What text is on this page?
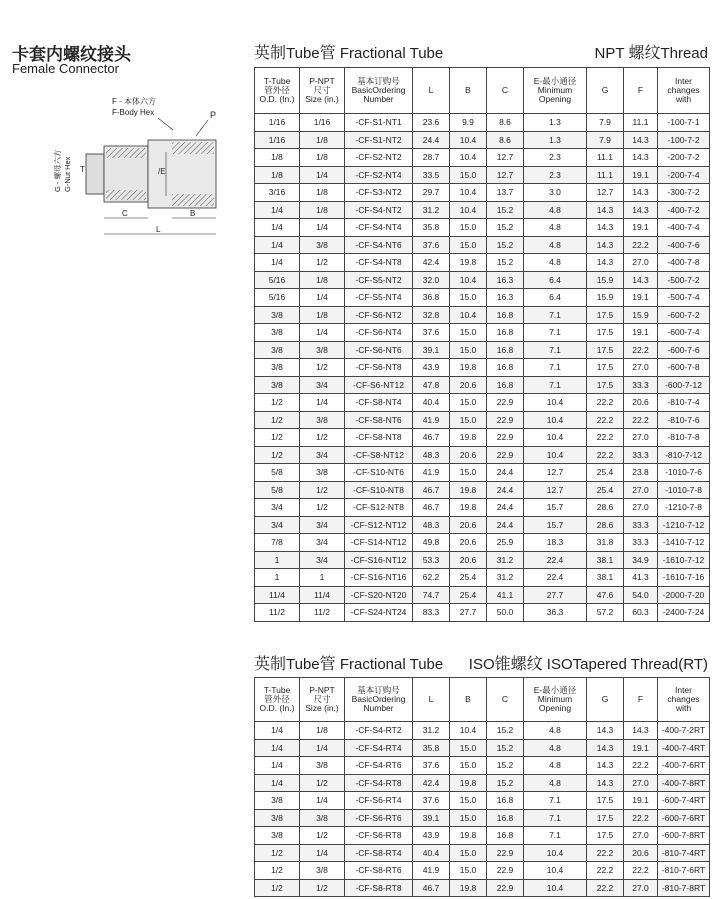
卡套内螺纹接头
Female Connector
F - 本体六方
F-Body Hex	P
G - 螺母六方 G-Nut Hex T	/E
C	B
L
英制Tube管 Fractional Tube	NPT 螺纹Thread
T-Tube
管外径
O.D. (In.)	P-NPT
尺寸
Size (in.)	基本订购号
BasicOrdering
Number	L	B	C	E-最小通径
Minimum
Opening	G	F	Inter
changes
with

1/16	1/16	-CF-S1-NT1	23.6	9.9	8.6	1.3	7.9	11.1	-100-7-1
1/16	1/8	-CF-S1-NT2	24.4	10.4	8.6	1.3	7.9	14.3	-100-7-2
1/8	1/8	-CF-S2-NT2	28.7	10.4	12.7	2.3	11.1	14.3	-200-7-2
1/8	1/4	-CF-S2-NT4	33.5	15.0	12.7	2.3	11.1	19.1	-200-7-4
3/16	1/8	-CF-S3-NT2	29.7	10.4	13.7	3.0	12.7	14.3	-300-7-2
1/4	1/8	-CF-S4-NT2	31.2	10.4	15.2	4.8	14.3	14.3	-400-7-2
1/4	1/4	-CF-S4-NT4	35.8	15.0	15.2	4.8	14.3	19.1	-400-7-4
1/4	3/8	-CF-S4-NT6	37.6	15.0	15.2	4.8	14.3	22.2	-400-7-6
1/4	1/2	-CF-S4-NT8	42.4	19.8	15.2	4.8	14.3	27.0	-400-7-8
5/16	1/8	-CF-S5-NT2	32.0	10.4	16.3	6.4	15.9	14.3	-500-7-2
5/16	1/4	-CF-S5-NT4	36.8	15.0	16.3	6.4	15.9	19.1	-500-7-4
3/8	1/8	-CF-S6-NT2	32.8	10.4	16.8	7.1	17.5	15.9	-600-7-2
3/8	1/4	-CF-S6-NT4	37.6	15.0	16.8	7.1	17.5	19.1	-600-7-4
3/8	3/8	-CF-S6-NT6	39.1	15.0	16.8	7.1	17.5	22.2	-600-7-6
3/8	1/2	-CF-S6-NT8	43.9	19.8	16.8	7.1	17.5	27.0	-600-7-8
3/8	3/4	-CF-S6-NT12	47.8	20.6	16.8	7.1	17.5	33.3	-600-7-12
1/2	1/4	-CF-S8-NT4	40.4	15.0	22.9	10.4	22.2	20.6	-810-7-4
1/2	3/8	-CF-S8-NT6	41.9	15.0	22.9	10.4	22.2	22.2	-810-7-6
1/2	1/2	-CF-S8-NT8	46.7	19.8	22.9	10.4	22.2	27.0	-810-7-8
1/2	3/4	-CF-S8-NT12	48.3	20.6	22.9	10.4	22.2	33.3	-810-7-12
5/8	3/8	-CF-S10-NT6	41.9	15.0	24.4	12.7	25.4	23.8	-1010-7-6
5/8	1/2	-CF-S10-NT8	46.7	19.8	24.4	12.7	25.4	27.0	-1010-7-8
3/4	1/2	-CF-S12-NT8	46.7	19.8	24.4	15.7	28.6	27.0	-1210-7-8
3/4	3/4	-CF-S12-NT12	48.3	20.6	24.4	15.7	28.6	33.3	-1210-7-12
7/8	3/4	-CF-S14-NT12	49.8	20.6	25.9	18.3	31.8	33.3	-1410-7-12
1	3/4	-CF-S16-NT12	53.3	20.6	31.2	22.4	38.1	34.9	-1610-7-12
1	1	-CF-S16-NT16	62.2	25.4	31.2	22.4	38.1	41.3	-1610-7-16
11/4	11/4	-CF-S20-NT20	74.7	25.4	41.1	27.7	47.6	54.0	-2000-7-20
11/2	11/2	-CF-S24-NT24	83.3	27.7	50.0	36.3	57.2	60.3	-2400-7-24
英制Tube管 Fractional Tube ISO锥螺纹 ISOTapered Thread(RT)
T-Tube
管外径
O.D. (In.)	P-NPT
尺寸
Size (in.)	基本订购号
BasicOrdering
Number	L	B	C	E-最小通径
Minimum
Opening	G	F	Inter
changes
with

1/4	1/8	-CF-S4-RT2	31.2	10.4	15.2	4.8	14.3	14.3	-400-7-2RT
1/4	1/4	-CF-S4-RT4	35.8	15.0	15.2	4.8	14.3	19.1	-400-7-4RT
1/4	3/8	-CF-S4-RT6	37.6	15.0	15.2	4.8	14.3	22.2	-400-7-6RT
1/4	1/2	-CF-S4-RT8	42.4	19.8	15.2	4.8	14.3	27.0	-400-7-8RT
3/8	1/4	-CF-S6-RT4	37.6	15.0	16.8	7.1	17.5	19.1	-600-7-4RT
3/8	3/8	-CF-S6-RT6	39.1	15.0	16.8	7.1	17.5	22.2	-600-7-6RT
3/8	1/2	-CF-S6-RT8	43.9	19.8	16.8	7.1	17.5	27.0	-600-7-8RT
1/2	1/4	-CF-S8-RT4	40.4	15.0	22.9	10.4	22.2	20.6	-810-7-4RT
1/2	3/8	-CF-S8-RT6	41.9	15.0	22.9	10.4	22.2	22.2	-810-7-6RT
1/2	1/2	-CF-S8-RT8	46.7	19.8	22.9	10.4	22.2	27.0	-810-7-8RT
